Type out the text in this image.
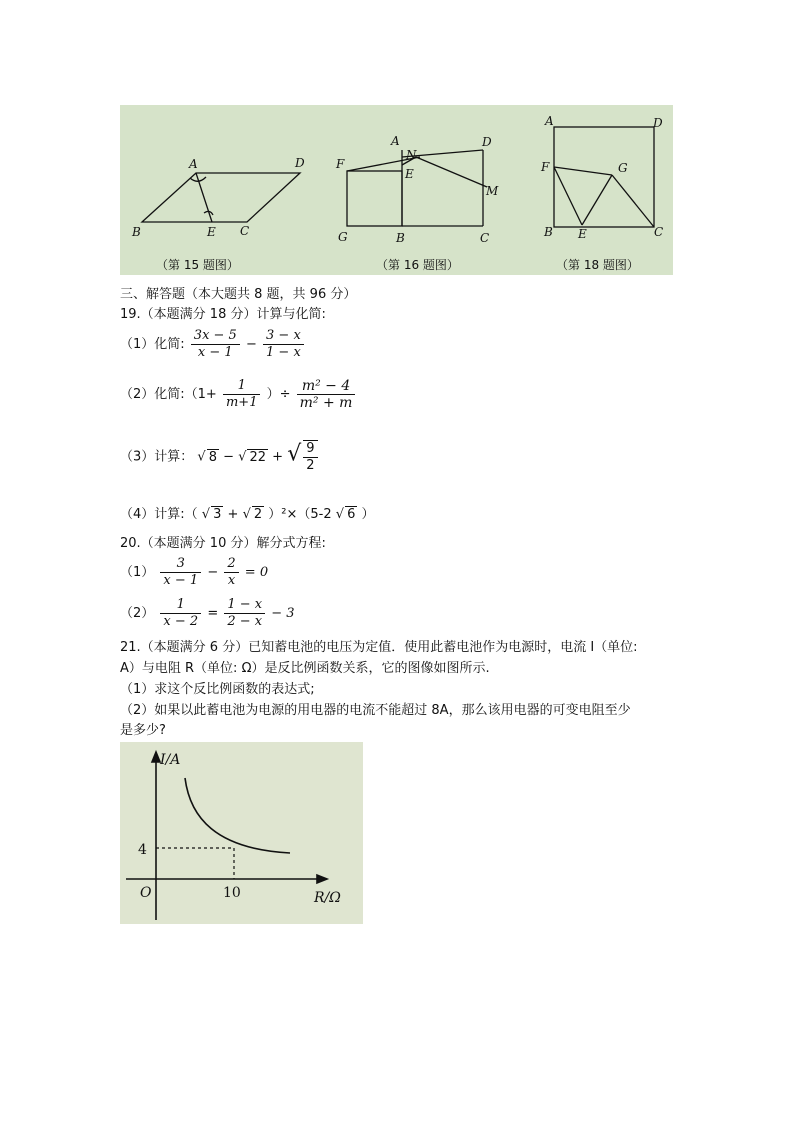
A	D
B	E C
A
N
D
F
E
M
G	B	C
A	D
F	G
B E	C
（第 15 题图）	（第 16 题图）	（第 18 题图）
三、解答题（本大题共 8 题，共 96 分）
19.（本题满分 18 分）计算与化简:
（1）化简: $\frac{3x - 5}{x - 1} - \frac{3 - x}{1 - x}$
（2）化简:（1+ $\frac{1}{m+1}$ ）÷ $\frac{\text{m² − 4}}{\text{m² + m}}$
（3）计算： √ 8 − √ 22 + √ $\frac{9}{2}$
（4）计算:（ √ 3 + √ 2 ）²×（5-2 √ 6 ）
20.（本题满分 10 分）解分式方程:
$(1) \frac{3}{x - 1} - \frac{2}{x} = 0$
$(2) \frac{1}{x - 2} = \frac{1 - x}{2 - x} - 3$
21.（本题满分 6 分）已知蓄电池的电压为定值．使用此蓄电池作为电源时，电流 I（单位:
A）与电阻 R（单位: Ω）是反比例函数关系，它的图像如图所示.
（1）求这个反比例函数的表达式;
（2）如果以此蓄电池为电源的用电器的电流不能超过 8A，那么该用电器的可变电阻至少
是多少?
I/A
R/Ω
O
4
10
